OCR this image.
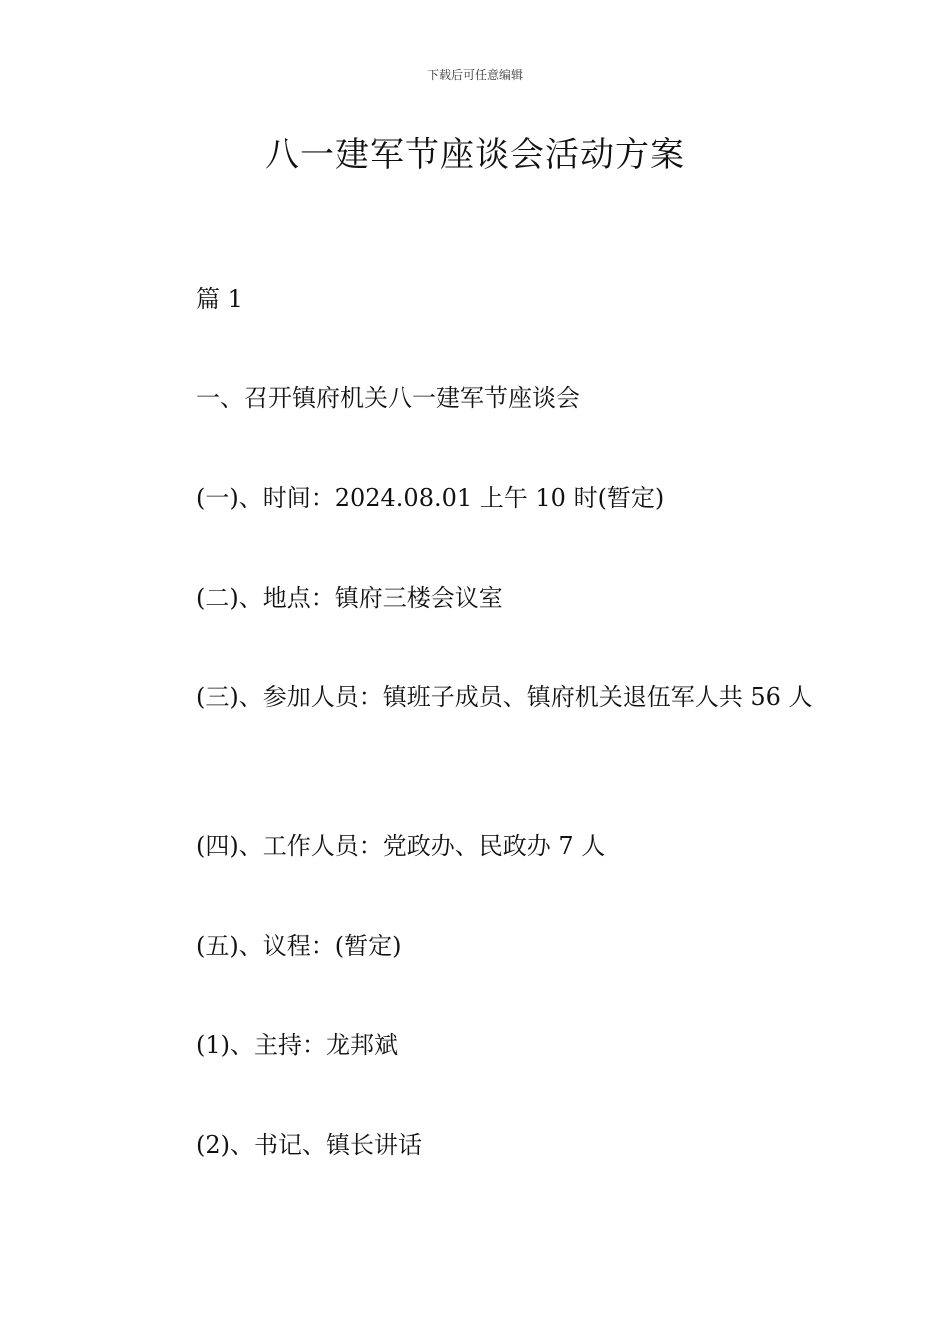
下载后可任意编辑
八一建军节座谈会活动方案
篇 1
一、召开镇府机关八一建军节座谈会
(一)、时间：2024.08.01 上午 10 时(暂定)
(二)、地点：镇府三楼会议室
(三)、参加人员：镇班子成员、镇府机关退伍军人共 56 人
(四)、工作人员：党政办、民政办 7 人
(五)、议程：(暂定)
(1)、主持：龙邦斌
(2)、书记、镇长讲话
